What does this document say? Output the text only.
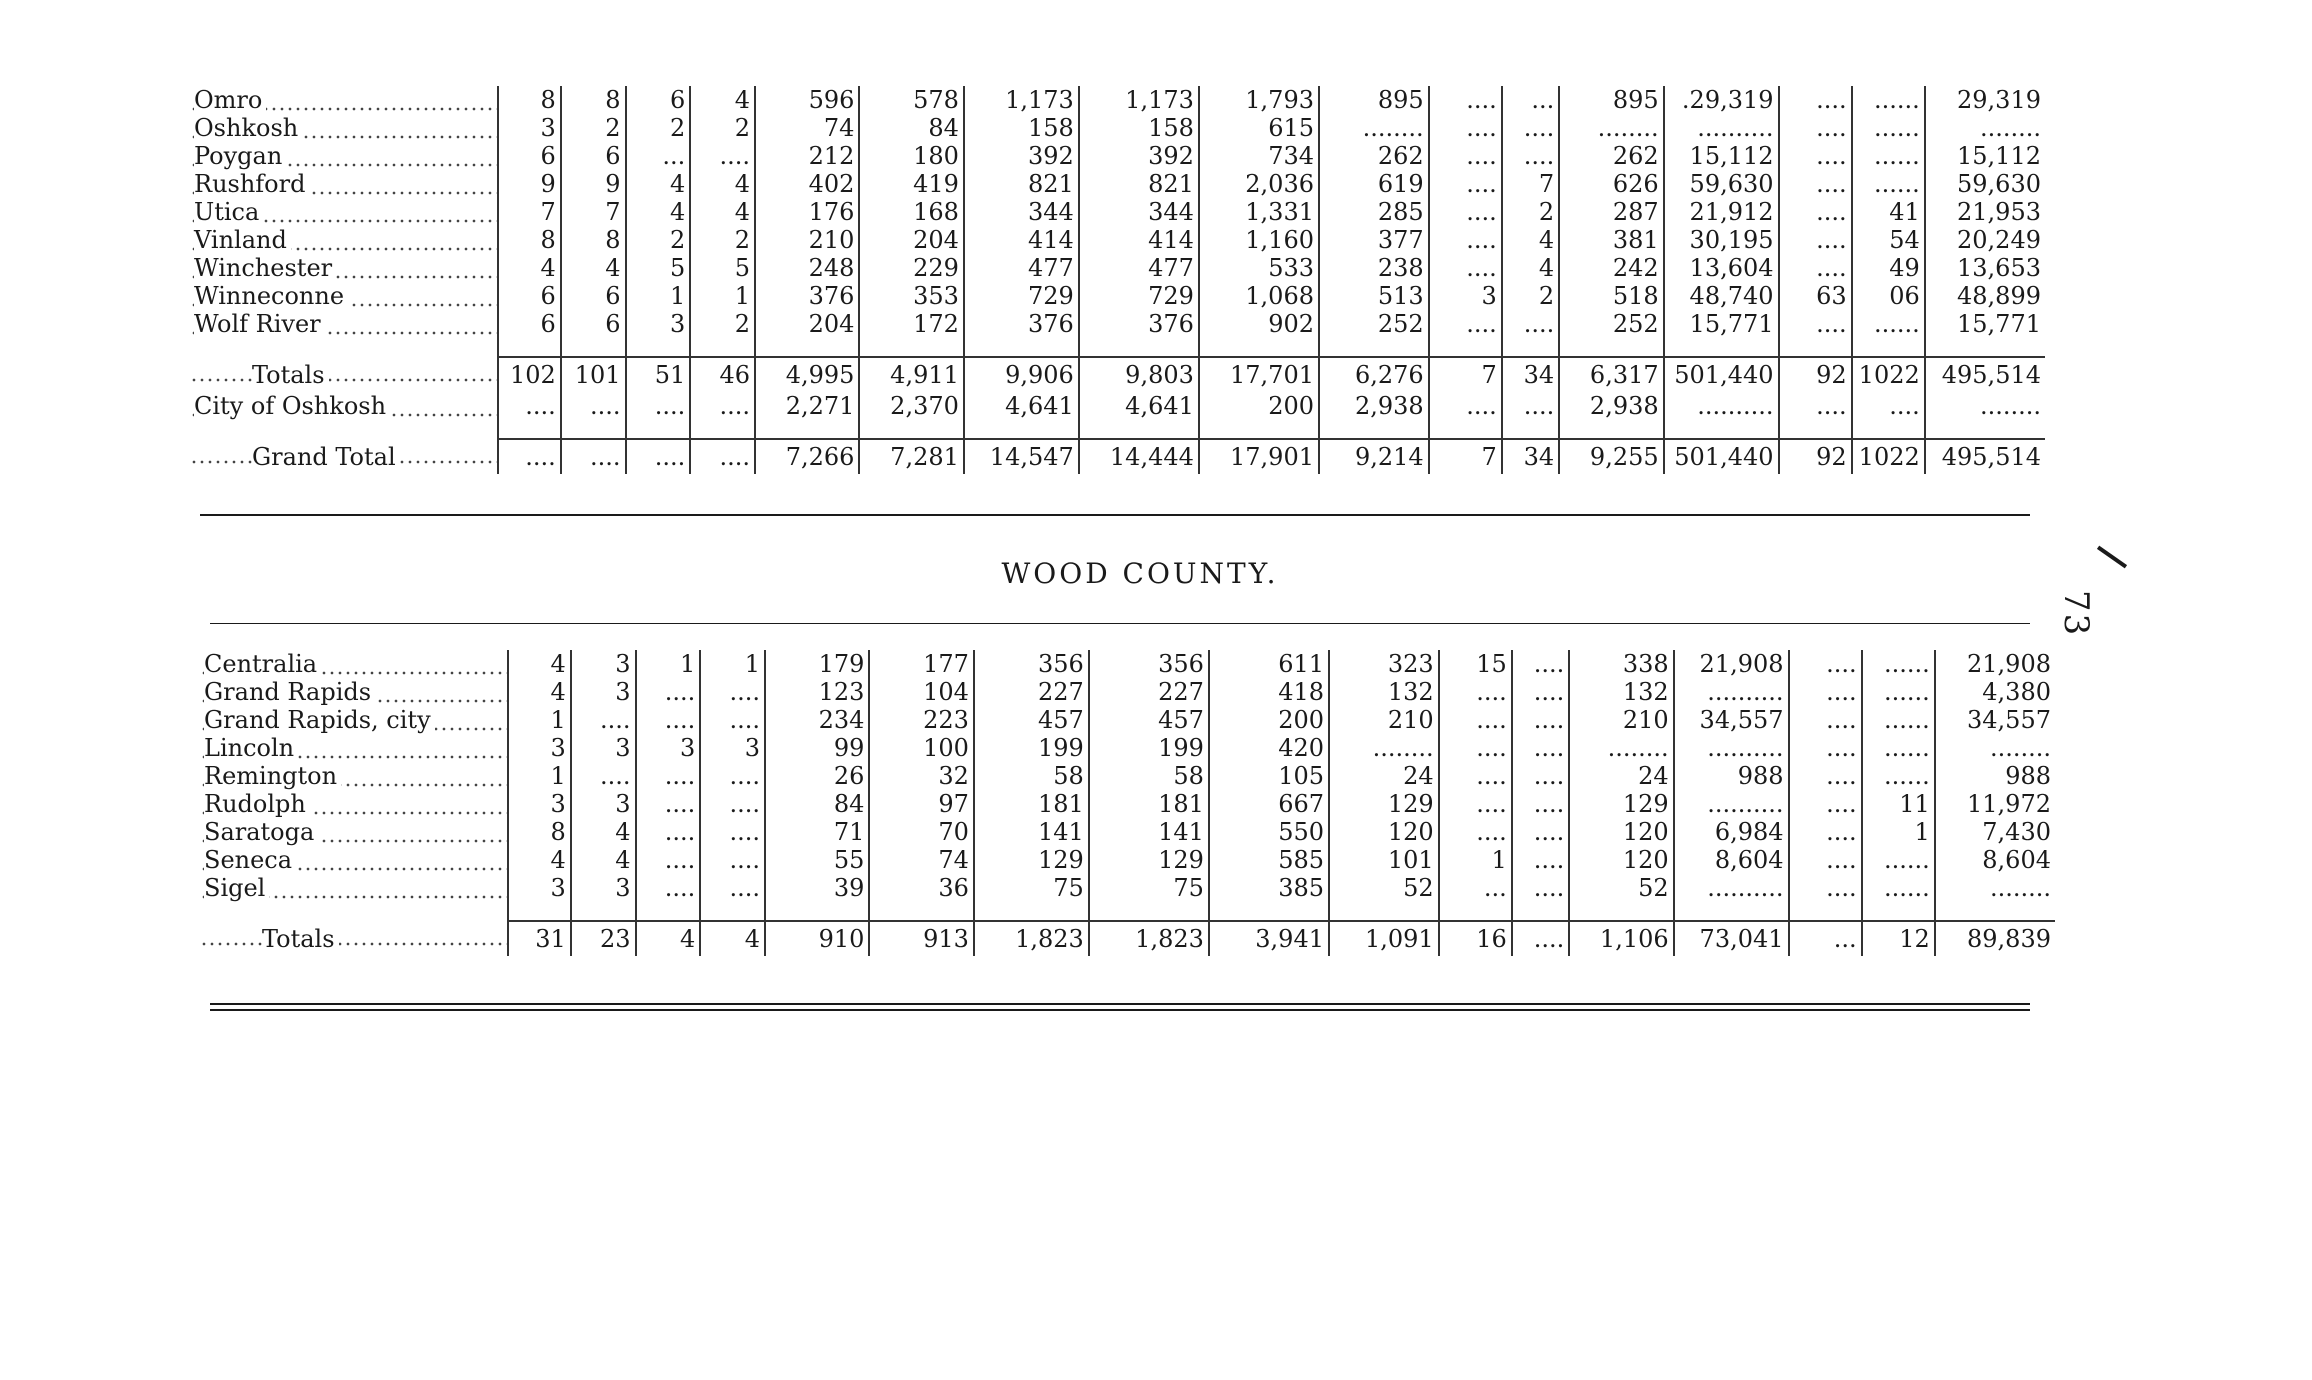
73
Omro	8	8	6	4	596	578	1,173	1,173	1,793	895	....	...	895	.29,319	....	......	29,319
Oshkosh	3	2	2	2	74	84	158	158	615	........	....	....	........	..........	....	......	........
Poygan	6	6	...	....	212	180	392	392	734	262	....	....	262	15,112	....	......	15,112
Rushford	9	9	4	4	402	419	821	821	2,036	619	....	7	626	59,630	....	......	59,630
Utica	7	7	4	4	176	168	344	344	1,331	285	....	2	287	21,912	....	41	21,953
Vinland	8	8	2	2	210	204	414	414	1,160	377	....	4	381	30,195	....	54	20,249
Winchester	4	4	5	5	248	229	477	477	533	238	....	4	242	13,604	....	49	13,653
Winneconne	6	6	1	1	376	353	729	729	1,068	513	3	2	518	48,740	63	06	48,899
Wolf River	6	6	3	2	204	172	376	376	902	252	....	....	252	15,771	....	......	15,771

Totals	102	101	51	46	4,995	4,911	9,906	9,803	17,701	6,276	7	34	6,317	501,440	92	1022	495,514
City of Oshkosh	....	....	....	....	2,271	2,370	4,641	4,641	200	2,938	....	....	2,938	..........	....	....	........

Grand Total	....	....	....	....	7,266	7,281	14,547	14,444	17,901	9,214	7	34	9,255	501,440	92	1022	495,514
WOOD COUNTY.
Centralia	4	3	1	1	179	177	356	356	611	323	15	....	338	21,908	....	......	21,908
Grand Rapids	4	3	....	....	123	104	227	227	418	132	....	....	132	..........	....	......	4,380
Grand Rapids, city	1	....	....	....	234	223	457	457	200	210	....	....	210	34,557	....	......	34,557
Lincoln	3	3	3	3	99	100	199	199	420	........	....	....	........	..........	....	......	........
Remington	1	....	....	....	26	32	58	58	105	24	....	....	24	988	....	......	988
Rudolph	3	3	....	....	84	97	181	181	667	129	....	....	129	..........	....	11	11,972
Saratoga	8	4	....	....	71	70	141	141	550	120	....	....	120	6,984	....	1	7,430
Seneca	4	4	....	....	55	74	129	129	585	101	1	....	120	8,604	....	......	8,604
Sigel	3	3	....	....	39	36	75	75	385	52	...	....	52	..........	....	......	........

Totals	31	23	4	4	910	913	1,823	1,823	3,941	1,091	16	....	1,106	73,041	...	12	89,839
